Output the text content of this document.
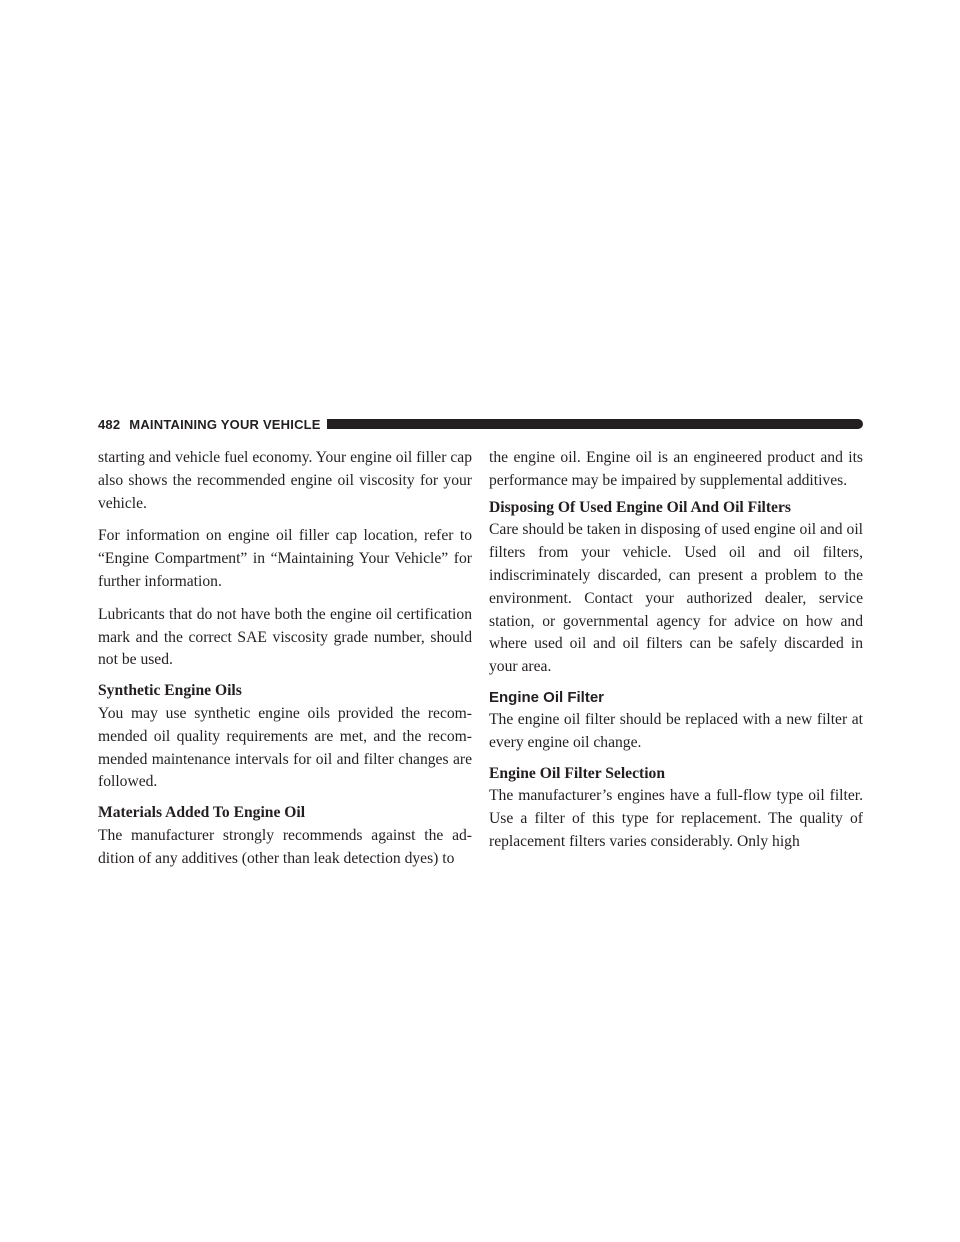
482 MAINTAINING YOUR VEHICLE

starting and vehicle fuel economy. Your engine oil filler cap also shows the recommended engine oil viscosity for your vehicle.

For information on engine oil filler cap location, refer to “Engine Compartment” in “Maintaining Your Vehicle” for further information.

Lubricants that do not have both the engine oil certification mark and the correct SAE viscosity grade number, should not be used.

Synthetic Engine Oils

You may use synthetic engine oils provided the recommended oil quality requirements are met, and the recommended maintenance intervals for oil and filter changes are followed.

Materials Added To Engine Oil

The manufacturer strongly recommends against the addition of any additives (other than leak detection dyes) to

the engine oil. Engine oil is an engineered product and its performance may be impaired by supplemental additives.

Disposing Of Used Engine Oil And Oil Filters

Care should be taken in disposing of used engine oil and oil filters from your vehicle. Used oil and oil filters, indiscriminately discarded, can present a problem to the environment. Contact your authorized dealer, service station, or governmental agency for advice on how and where used oil and oil filters can be safely discarded in your area.

Engine Oil Filter

The engine oil filter should be replaced with a new filter at every engine oil change.

Engine Oil Filter Selection

The manufacturer’s engines have a full-flow type oil filter. Use a filter of this type for replacement. The quality of replacement filters varies considerably. Only high
